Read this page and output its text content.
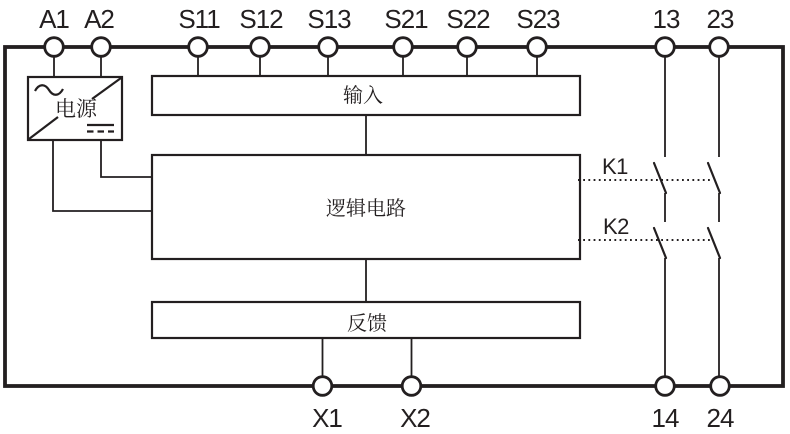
电源
输入
逻辑电路
反馈
K1
K2
A1 A2 S11 S12 S13 S21 S22 S23	13 23
X1 X2	14 24
